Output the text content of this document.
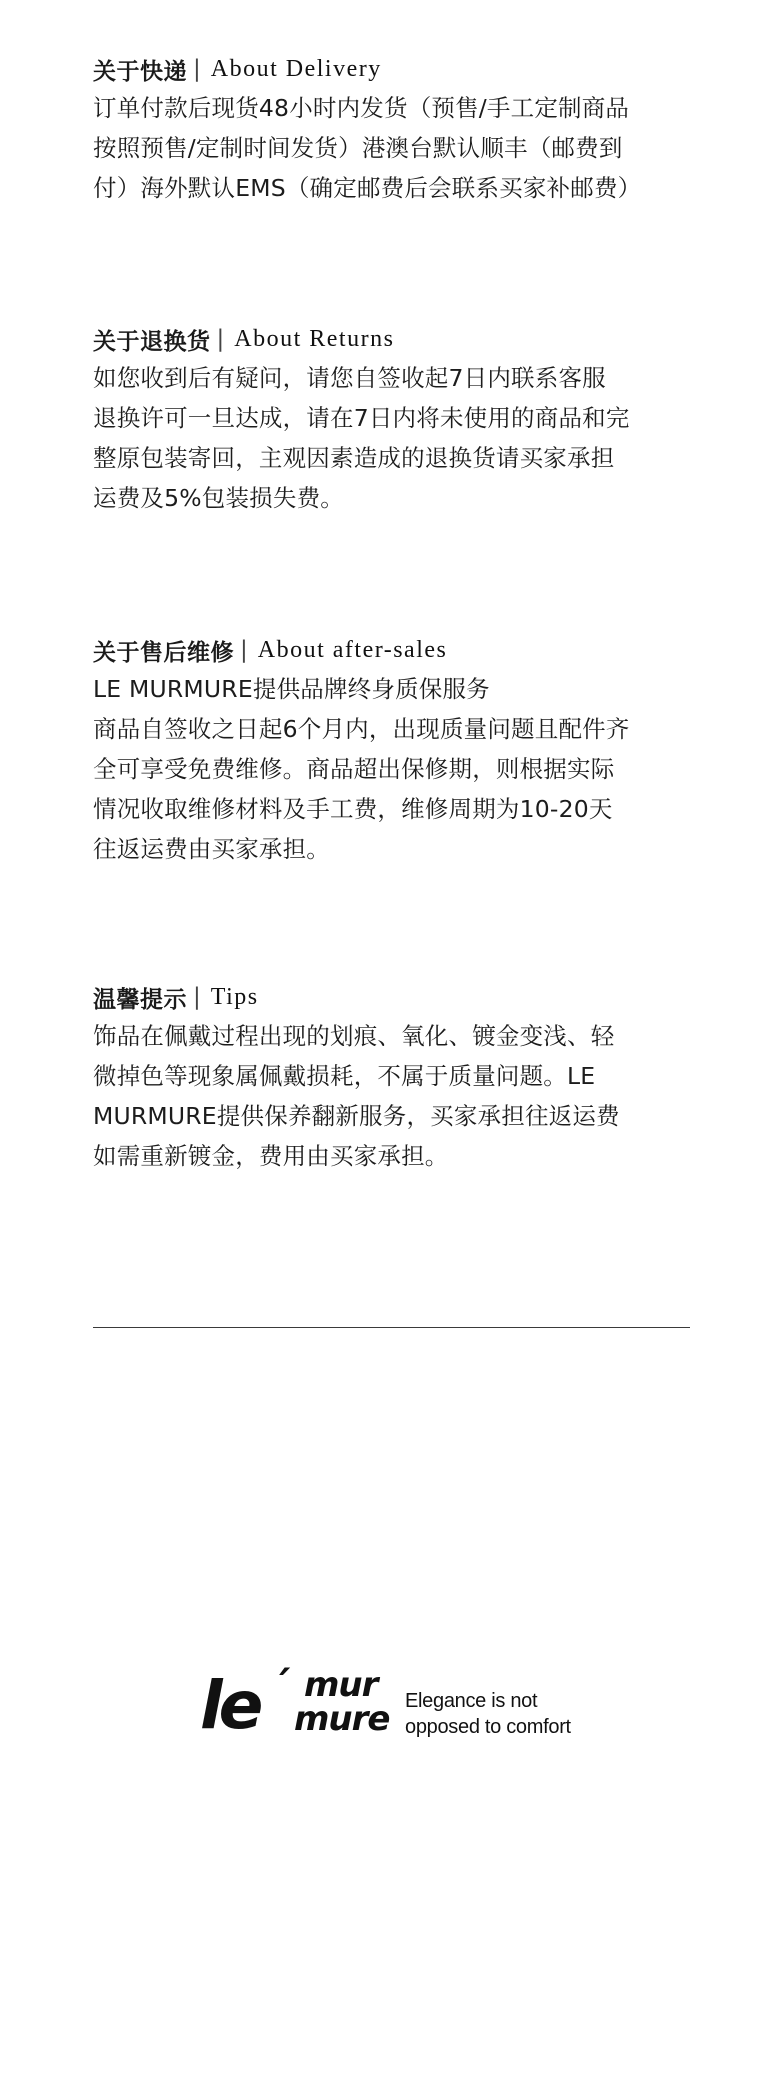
关于快递 | About Delivery
订单付款后现货48小时内发货（预售/手工定制商品
按照预售/定制时间发货）港澳台默认顺丰（邮费到
付）海外默认EMS（确定邮费后会联系买家补邮费）
关于退换货 | About Returns
如您收到后有疑问，请您自签收起7日内联系客服
退换许可一旦达成，请在7日内将未使用的商品和完
整原包装寄回，主观因素造成的退换货请买家承担
运费及5%包装损失费。
关于售后维修 | About after-sales
LE MURMURE提供品牌终身质保服务
商品自签收之日起6个月内，出现质量问题且配件齐
全可享受免费维修。商品超出保修期，则根据实际
情况收取维修材料及手工费，维修周期为10-20天
往返运费由买家承担。
温馨提示 | Tips
饰品在佩戴过程出现的划痕、氧化、镀金变浅、轻
微掉色等现象属佩戴损耗，不属于质量问题。LE
MURMURE提供保养翻新服务，买家承担往返运费
如需重新镀金，费用由买家承担。
le ´ mur
mure Elegance is not
opposed to comfort
